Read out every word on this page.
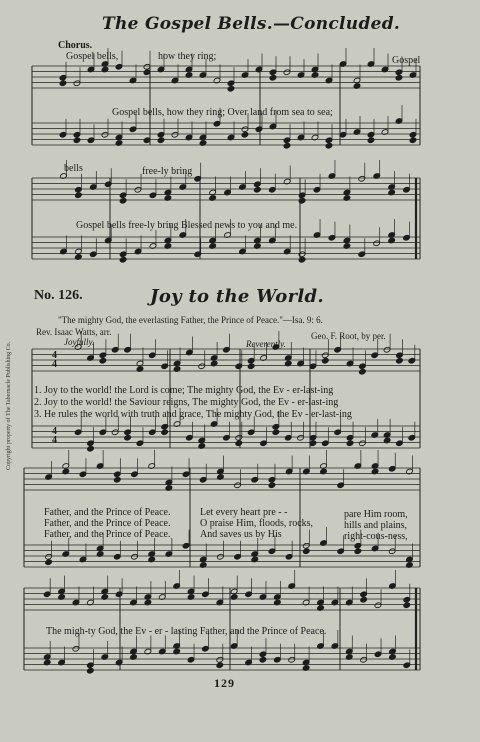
The Gospel Bells.—Concluded.
Chorus.
Gospel bells,	how they ring;	Gospel
Gospel bells, how they ring; Over land from sea to sea;
bells	free-ly bring
Gospel bells free-ly bring Blessed news to you and me.
No. 126.	Joy to the World.
"The mighty God, the everlasting Father, the Prince of Peace."—Isa. 9: 6.
Rev. Isaac Watts, arr.	Geo. F. Root, by per.
Joyfully.	Reverently.
4
4
4
4
1. Joy to the world! the Lord is come; The mighty God, the Ev - er-last-ing
2. Joy to the world! the Saviour reigns, The mighty God, the Ev - er-last-ing
3. He rules the world with truth and grace, The mighty God, the Ev - er-last-ing
Father, and the Prince of Peace.
Father, and the Prince of Peace.
Father, and the Prince of Peace.
Let every heart pre - -
O praise Him, floods, rocks,
And saves us by His
pare Him room,
hills and plains,
right-cous-ness,
The migh-ty God, the Ev - er - lasting Father, and the Prince of Peace.
Copyright property of The Tabernacle Publishing Co.
129
